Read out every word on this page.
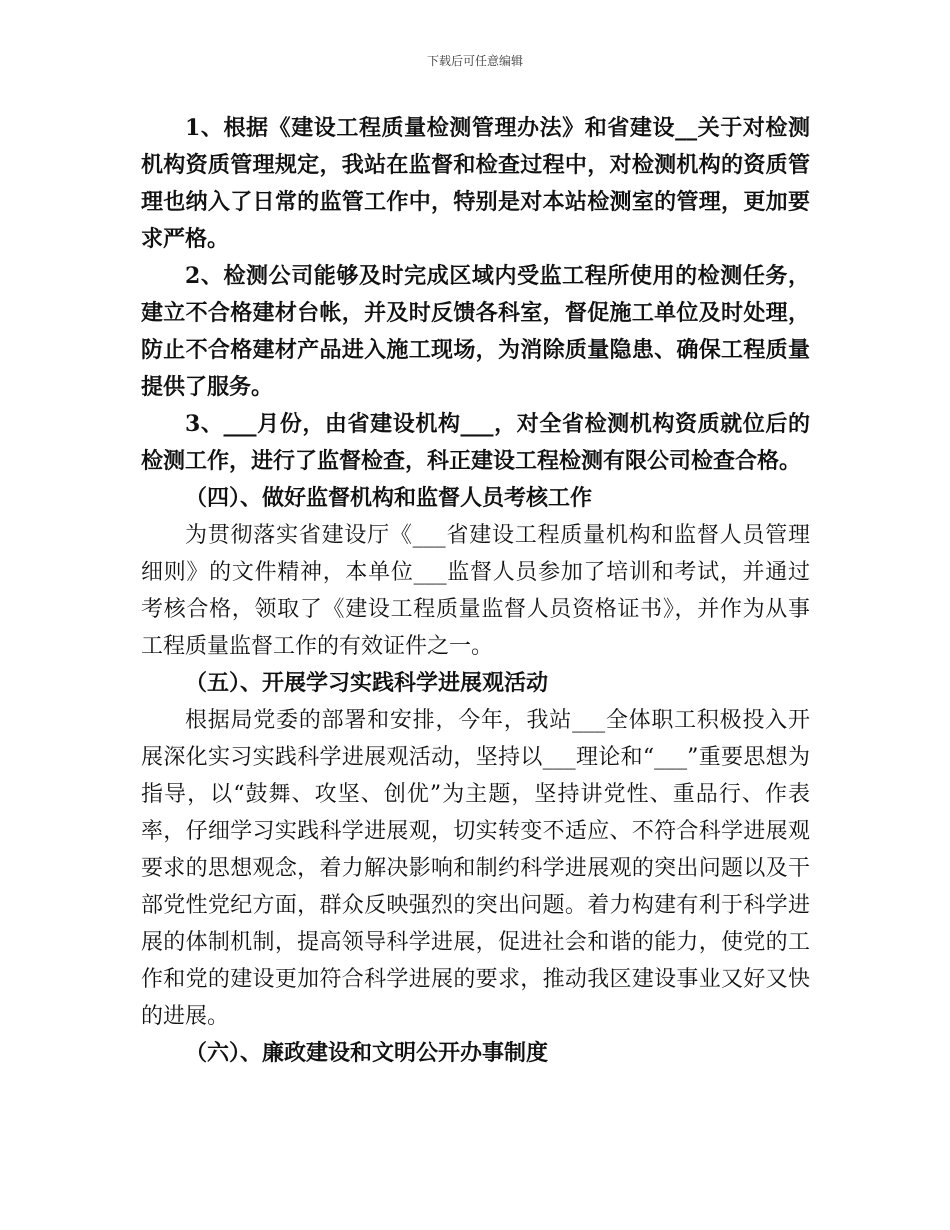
下载后可任意编辑

1、根据《建设工程质量检测管理办法》和省建设__关于对检测机构资质管理规定，我站在监督和检查过程中，对检测机构的资质管理也纳入了日常的监管工作中，特别是对本站检测室的管理，更加要求严格。

2、检测公司能够及时完成区域内受监工程所使用的检测任务，建立不合格建材台帐，并及时反馈各科室，督促施工单位及时处理，防止不合格建材产品进入施工现场，为消除质量隐患、确保工程质量提供了服务。

3、___月份，由省建设机构___，对全省检测机构资质就位后的检测工作，进行了监督检查，科正建设工程检测有限公司检查合格。

（四）、做好监督机构和监督人员考核工作

为贯彻落实省建设厅《___省建设工程质量机构和监督人员管理细则》的文件精神，本单位___监督人员参加了培训和考试，并通过考核合格，领取了《建设工程质量监督人员资格证书》，并作为从事工程质量监督工作的有效证件之一。

（五）、开展学习实践科学进展观活动

根据局党委的部署和安排，今年，我站___全体职工积极投入开展深化实习实践科学进展观活动，坚持以___理论和“___”重要思想为指导，以“鼓舞、攻坚、创优”为主题，坚持讲党性、重品行、作表率，仔细学习实践科学进展观，切实转变不适应、不符合科学进展观要求的思想观念，着力解决影响和制约科学进展观的突出问题以及干部党性党纪方面，群众反映强烈的突出问题。着力构建有利于科学进展的体制机制，提高领导科学进展，促进社会和谐的能力，使党的工作和党的建设更加符合科学进展的要求，推动我区建设事业又好又快的进展。

（六）、廉政建设和文明公开办事制度
